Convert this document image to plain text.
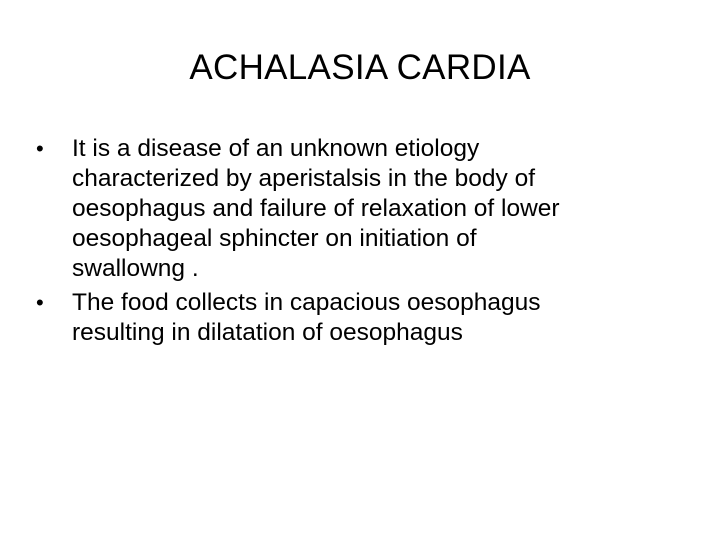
ACHALASIA CARDIA
•	It is a disease of an unknown etiology
characterized by aperistalsis in the body of
oesophagus and failure of relaxation of lower
oesophageal sphincter on initiation of
swallowng .
•	The food collects in capacious oesophagus
resulting in dilatation of oesophagus
